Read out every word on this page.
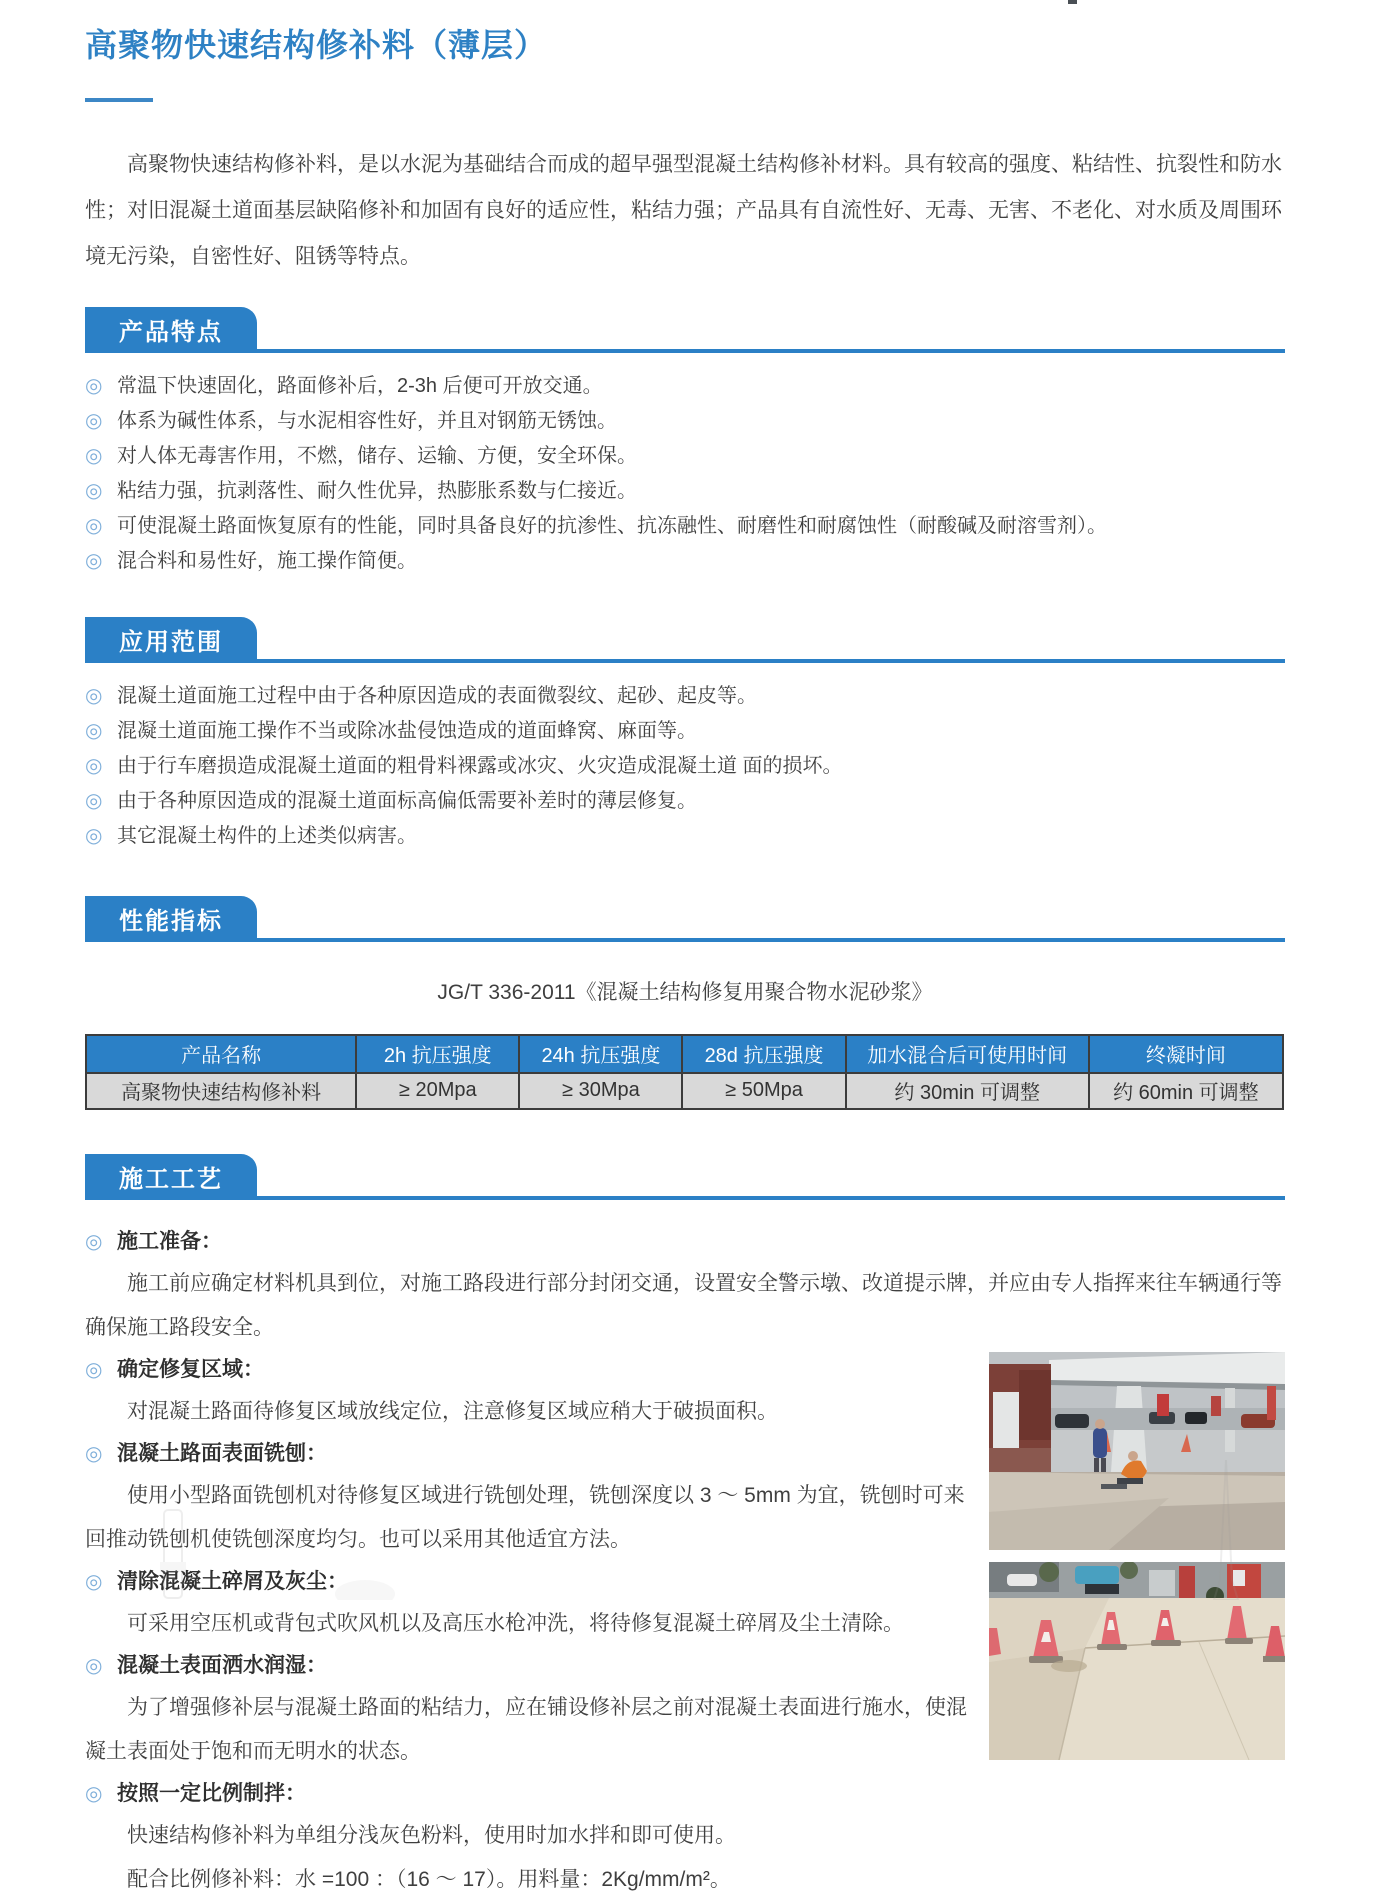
高聚物快速结构修补料（薄层）

高聚物快速结构修补料，是以水泥为基础结合而成的超早强型混凝土结构修补材料。具有较高的强度、粘结性、抗裂性和防水性；对旧混凝土道面基层缺陷修补和加固有良好的适应性，粘结力强；产品具有自流性好、无毒、无害、不老化、对水质及周围环境无污染，自密性好、阻锈等特点。

产品特点
◎ 常温下快速固化，路面修补后，2-3h 后便可开放交通。
◎ 体系为碱性体系，与水泥相容性好，并且对钢筋无锈蚀。
◎ 对人体无毒害作用，不燃，储存、运输、方便，安全环保。
◎ 粘结力强，抗剥落性、耐久性优异，热膨胀系数与仁接近。
◎ 可使混凝土路面恢复原有的性能，同时具备良好的抗渗性、抗冻融性、耐磨性和耐腐蚀性（耐酸碱及耐溶雪剂）。
◎ 混合料和易性好，施工操作简便。
应用范围
◎ 混凝土道面施工过程中由于各种原因造成的表面微裂纹、起砂、起皮等。
◎ 混凝土道面施工操作不当或除冰盐侵蚀造成的道面蜂窝、麻面等。
◎ 由于行车磨损造成混凝土道面的粗骨料裸露或冰灾、火灾造成混凝土道 面的损坏。
◎ 由于各种原因造成的混凝土道面标高偏低需要补差时的薄层修复。
◎ 其它混凝土构件的上述类似病害。
性能指标
JG/T 336-2011《混凝土结构修复用聚合物水泥砂浆》
产品名称	2h 抗压强度	24h 抗压强度	28d 抗压强度	加水混合后可使用时间	终凝时间
高聚物快速结构修补料	≥ 20Mpa	≥ 30Mpa	≥ 50Mpa	约 30min 可调整	约 60min 可调整
施工工艺
◎ 施工准备：

施工前应确定材料机具到位，对施工路段进行部分封闭交通，设置安全警示墩、改道提示牌，并应由专人指挥来往车辆通行等确保施工路段安全。

◎ 确定修复区域：

对混凝土路面待修复区域放线定位，注意修复区域应稍大于破损面积。

◎ 混凝土路面表面铣刨：

使用小型路面铣刨机对待修复区域进行铣刨处理，铣刨深度以 3 ～ 5mm 为宜，铣刨时可来回推动铣刨机使铣刨深度均匀。也可以采用其他适宜方法。

◎ 清除混凝土碎屑及灰尘：

可采用空压机或背包式吹风机以及高压水枪冲洗，将待修复混凝土碎屑及尘土清除。

◎ 混凝土表面洒水润湿：

为了增强修补层与混凝土路面的粘结力，应在铺设修补层之前对混凝土表面进行施水，使混凝土表面处于饱和而无明水的状态。

◎ 按照一定比例制拌：

快速结构修补料为单组分浅灰色粉料，使用时加水拌和即可使用。

配合比例修补料：水 =100 ：（16 ～ 17）。用料量：2Kg/mm/m²。
